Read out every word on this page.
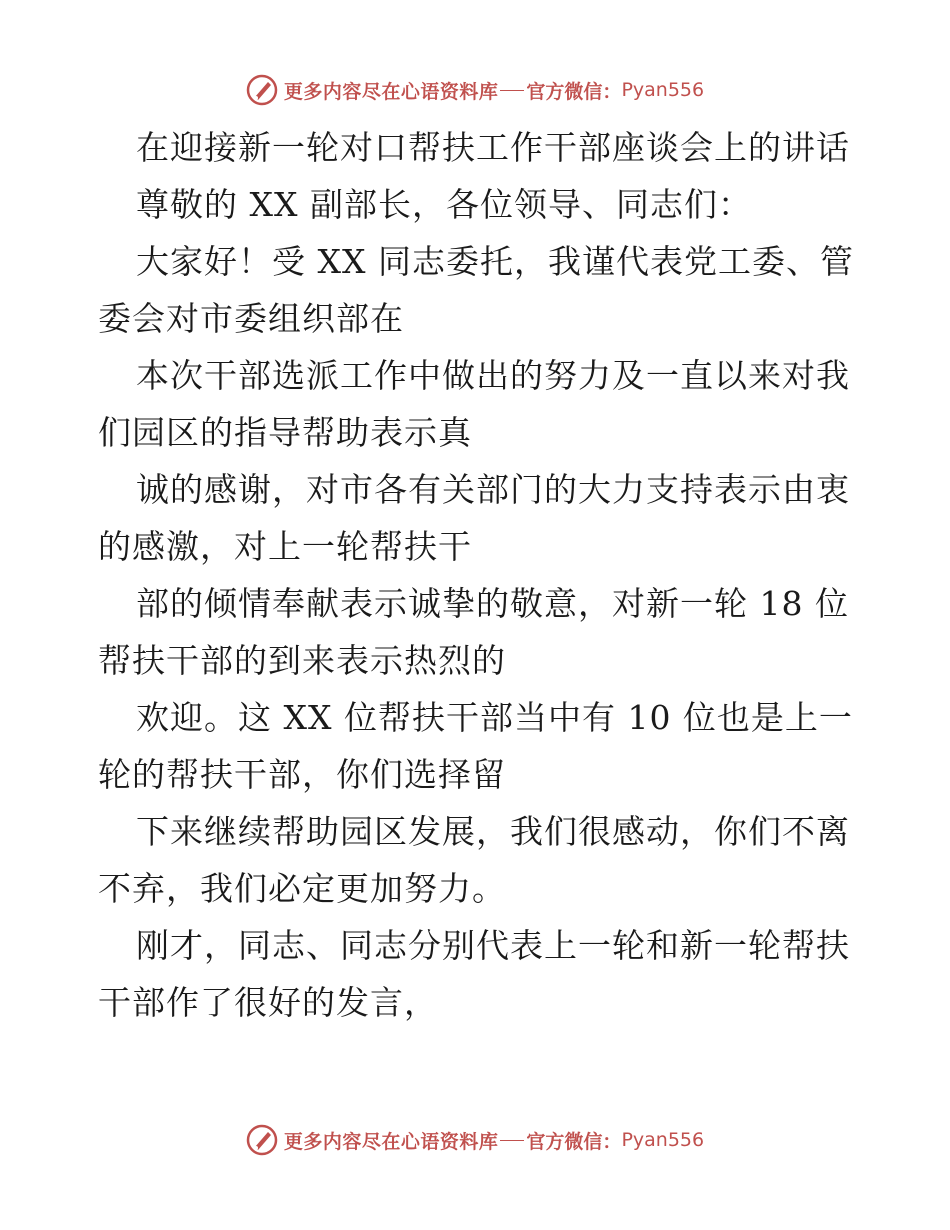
更多内容尽在心语资料库 官方微信： Pyan556
在迎接新一轮对口帮扶工作干部座谈会上的讲话
尊敬的 XX 副部长，各位领导、同志们：
大家好！受 XX 同志委托，我谨代表党工委、管
委会对市委组织部在
本次干部选派工作中做出的努力及一直以来对我
们园区的指导帮助表示真
诚的感谢，对市各有关部门的大力支持表示由衷
的感激，对上一轮帮扶干
部的倾情奉献表示诚挚的敬意，对新一轮 18 位
帮扶干部的到来表示热烈的
欢迎。这 XX 位帮扶干部当中有 10 位也是上一
轮的帮扶干部，你们选择留
下来继续帮助园区发展，我们很感动，你们不离
不弃，我们必定更加努力。
刚才，同志、同志分别代表上一轮和新一轮帮扶
干部作了很好的发言，
更多内容尽在心语资料库 官方微信： Pyan556
